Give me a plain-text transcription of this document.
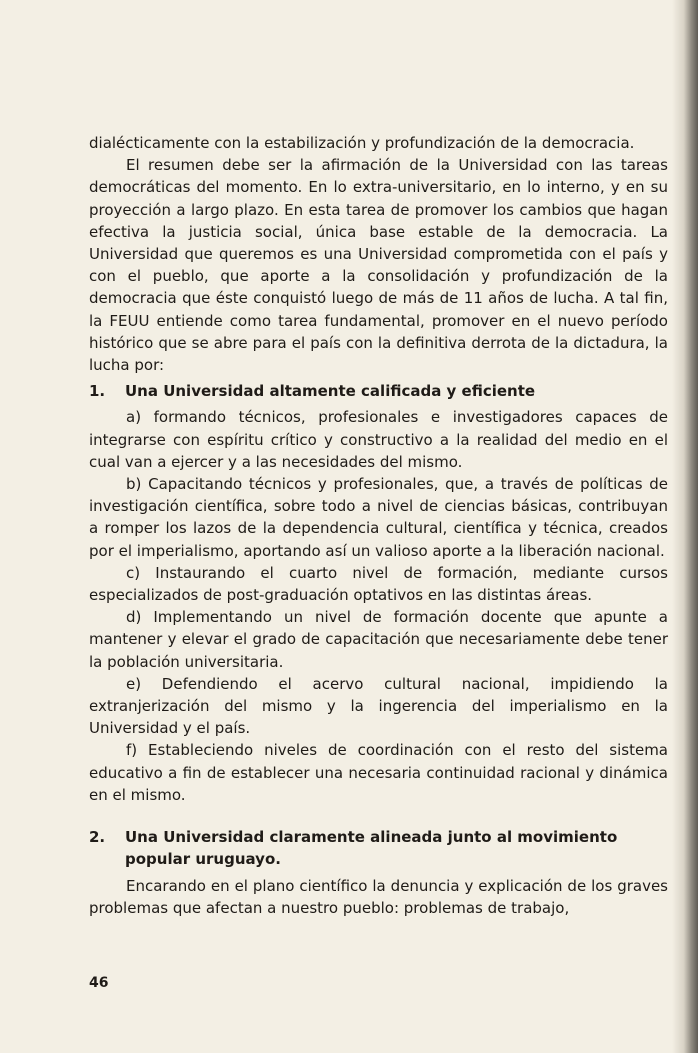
dialécticamente con la estabilización y profundización de la democracia.

El resumen debe ser la afirmación de la Universidad con las tareas democráticas del momento. En lo extra-universitario, en lo interno, y en su proyección a largo plazo. En esta tarea de promover los cambios que hagan efectiva la justicia social, única base estable de la democracia. La Universidad que queremos es una Universidad comprometida con el país y con el pueblo, que aporte a la consolidación y profundización de la democracia que éste conquistó luego de más de 11 años de lucha. A tal fin, la FEUU entiende como tarea fundamental, promover en el nuevo período histórico que se abre para el país con la definitiva derrota de la dictadura, la lucha por:

1.	Una Universidad altamente calificada y eficiente

a) formando técnicos, profesionales e investigadores capaces de integrarse con espíritu crítico y constructivo a la realidad del medio en el cual van a ejercer y a las necesidades del mismo.

b) Capacitando técnicos y profesionales, que, a través de políticas de investigación científica, sobre todo a nivel de ciencias básicas, contribuyan a romper los lazos de la dependencia cultural, científica y técnica, creados por el imperialismo, aportando así un valioso aporte a la liberación nacional.

c) Instaurando el cuarto nivel de formación, mediante cursos especializados de post-graduación optativos en las distintas áreas.

d) Implementando un nivel de formación docente que apunte a mantener y elevar el grado de capacitación que necesariamente debe tener la población universitaria.

e) Defendiendo el acervo cultural nacional, impidiendo la extranjerización del mismo y la ingerencia del imperialismo en la Universidad y el país.

f) Estableciendo niveles de coordinación con el resto del sistema educativo a fin de establecer una necesaria continuidad racional y dinámica en el mismo.

2.	Una Universidad claramente alineada junto al movimiento popular uruguayo.

Encarando en el plano científico la denuncia y explicación de los graves problemas que afectan a nuestro pueblo: problemas de trabajo,

46
